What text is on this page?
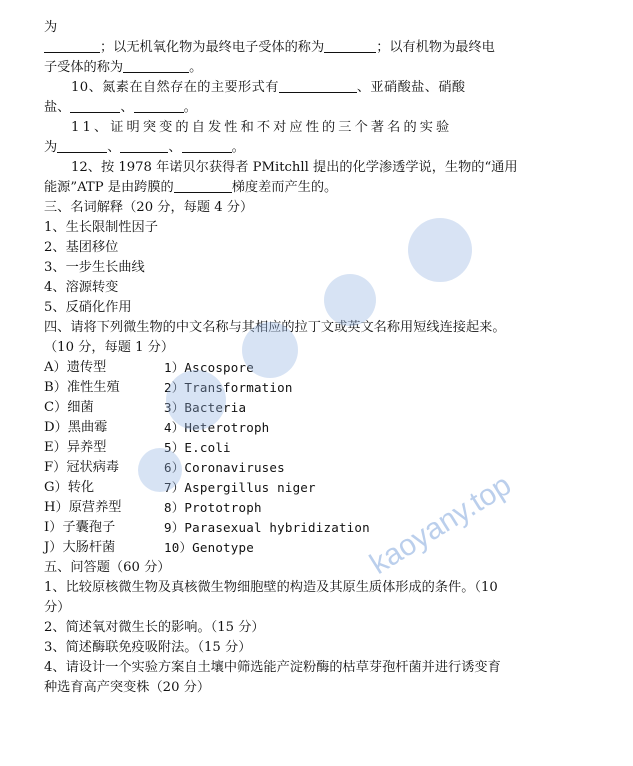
为
；以无机氧化物为最终电子受体的称为	；以有机物为最终电
子受体的称为	。
10、氮素在自然存在的主要形式有	、亚硝酸盐、硝酸
盐、	、	。
11、证明突变的自发性和不对应性的三个著名的实验
为	、	、	。
12、按 1978 年诺贝尔获得者 PMitchll 提出的化学渗透学说，生物的“通用
能源”ATP 是由跨膜的	梯度差而产生的。
三、名词解释（20 分，每题 4 分）
1、生长限制性因子
2、基团移位
3、一步生长曲线
4、溶源转变
5、反硝化作用
四、请将下列微生物的中文名称与其相应的拉丁文或英文名称用短线连接起来。
（10 分，每题 1 分）
A）遗传型	1）Ascospore
B）准性生殖	2）Transformation
C）细菌	3）Bacteria
D）黑曲霉	4）Heterotroph
E）异养型	5）E.coli
F）冠状病毒	6）Coronaviruses
G）转化	7）Aspergillus niger
H）原营养型	8）Prototroph
I）子囊孢子	9）Parasexual hybridization
J）大肠杆菌	10）Genotype
五、问答题（60 分）
1、比较原核微生物及真核微生物细胞壁的构造及其原生质体形成的条件。（10
分）
2、简述氧对微生长的影响。（15 分）
3、简述酶联免疫吸附法。（15 分）
4、请设计一个实验方案自土壤中筛选能产淀粉酶的枯草芽孢杆菌并进行诱变育
种选育高产突变株（20 分）
kaoyany.top
